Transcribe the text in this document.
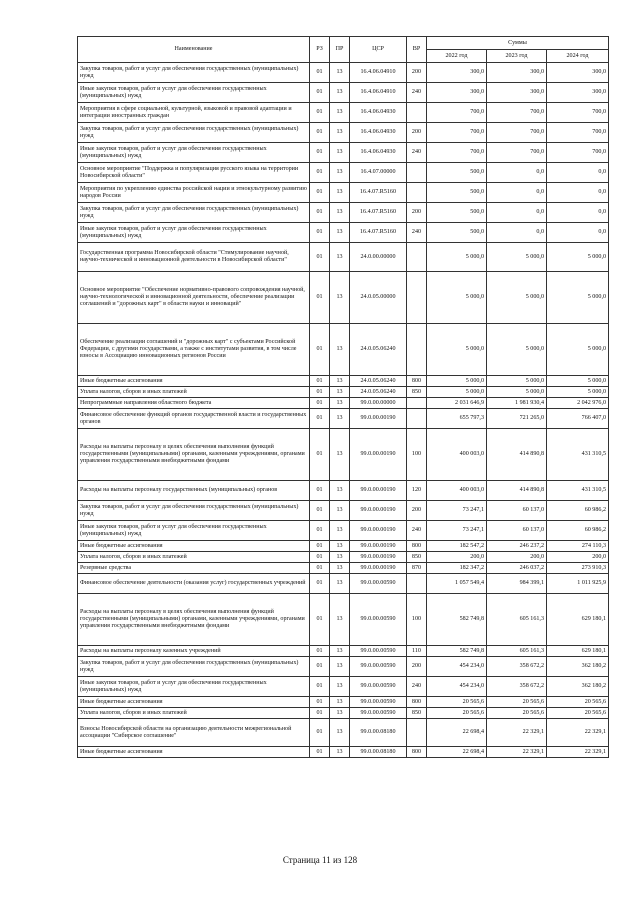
Наименование	РЗ	ПР	ЦСР	ВР	Суммы		
					2022 год	2023 год	2024 год
Закупка товаров, работ и услуг для обеспечения государственных (муниципальных) нужд	01	13	16.4.06.04910	200	300,0	300,0	300,0
Иные закупки товаров, работ и услуг для обеспечения государственных (муниципальных) нужд	01	13	16.4.06.04910	240	300,0	300,0	300,0
Мероприятия в сфере социальной, культурной, языковой и правовой адаптации и интеграции иностранных граждан	01	13	16.4.06.04930		700,0	700,0	700,0
Закупка товаров, работ и услуг для обеспечения государственных (муниципальных) нужд	01	13	16.4.06.04930	200	700,0	700,0	700,0
Иные закупки товаров, работ и услуг для обеспечения государственных (муниципальных) нужд	01	13	16.4.06.04930	240	700,0	700,0	700,0
Основное мероприятие "Поддержка и популяризация русского языка на территории Новосибирской области"	01	13	16.4.07.00000		500,0	0,0	0,0
Мероприятия по укреплению единства российской нации и этнокультурному развитию народов России	01	13	16.4.07.R5160		500,0	0,0	0,0
Закупка товаров, работ и услуг для обеспечения государственных (муниципальных) нужд	01	13	16.4.07.R5160	200	500,0	0,0	0,0
Иные закупки товаров, работ и услуг для обеспечения государственных (муниципальных) нужд	01	13	16.4.07.R5160	240	500,0	0,0	0,0
Государственная программа Новосибирской области "Стимулирование научной, научно-технической и инновационной деятельности в Новосибирской области"	01	13	24.0.00.00000		5 000,0	5 000,0	5 000,0
Основное мероприятие "Обеспечение нормативно-правового сопровождения научной, научно-технологической и инновационной деятельности, обеспечение реализации соглашений и "дорожных карт" в области науки и инноваций"	01	13	24.0.05.00000		5 000,0	5 000,0	5 000,0
Обеспечение реализации соглашений и "дорожных карт" с субъектами Российской Федерации, с другими государствами, а также с институтами развития, в том числе взносы в Ассоциацию инновационных регионов России	01	13	24.0.05.06240		5 000,0	5 000,0	5 000,0
Иные бюджетные ассигнования	01	13	24.0.05.06240	800	5 000,0	5 000,0	5 000,0
Уплата налогов, сборов и иных платежей	01	13	24.0.05.06240	850	5 000,0	5 000,0	5 000,0
Непрограммные направления областного бюджета	01	13	99.0.00.00000		2 031 646,9	1 981 930,4	2 042 976,0
Финансовое обеспечение функций органов государственной власти и государственных органов	01	13	99.0.00.00190		655 797,3	721 265,0	766 407,0
Расходы на выплаты персоналу в целях обеспечения выполнения функций государственными (муниципальными) органами, казенными учреждениями, органами управления государственными внебюджетными фондами	01	13	99.0.00.00190	100	400 003,0	414 890,8	431 310,5
Расходы на выплаты персоналу государственных (муниципальных) органов	01	13	99.0.00.00190	120	400 003,0	414 890,8	431 310,5
Закупка товаров, работ и услуг для обеспечения государственных (муниципальных) нужд	01	13	99.0.00.00190	200	73 247,1	60 137,0	60 986,2
Иные закупки товаров, работ и услуг для обеспечения государственных (муниципальных) нужд	01	13	99.0.00.00190	240	73 247,1	60 137,0	60 986,2
Иные бюджетные ассигнования	01	13	99.0.00.00190	800	182 547,2	246 237,2	274 110,3
Уплата налогов, сборов и иных платежей	01	13	99.0.00.00190	850	200,0	200,0	200,0
Резервные средства	01	13	99.0.00.00190	870	182 347,2	246 037,2	273 910,3
Финансовое обеспечение деятельности (оказания услуг) государственных учреждений	01	13	99.0.00.00590		1 057 549,4	984 399,1	1 011 925,9
Расходы на выплаты персоналу в целях обеспечения выполнения функций государственными (муниципальными) органами, казенными учреждениями, органами управления государственными внебюджетными фондами	01	13	99.0.00.00590	100	582 749,8	605 161,3	629 180,1
Расходы на выплаты персоналу казенных учреждений	01	13	99.0.00.00590	110	582 749,8	605 161,3	629 180,1
Закупка товаров, работ и услуг для обеспечения государственных (муниципальных) нужд	01	13	99.0.00.00590	200	454 234,0	358 672,2	362 180,2
Иные закупки товаров, работ и услуг для обеспечения государственных (муниципальных) нужд	01	13	99.0.00.00590	240	454 234,0	358 672,2	362 180,2
Иные бюджетные ассигнования	01	13	99.0.00.00590	800	20 565,6	20 565,6	20 565,6
Уплата налогов, сборов и иных платежей	01	13	99.0.00.00590	850	20 565,6	20 565,6	20 565,6
Взносы Новосибирской области на организацию деятельности межрегиональной ассоциации "Сибирское соглашение"	01	13	99.0.00.08180		22 698,4	22 329,1	22 329,1
Иные бюджетные ассигнования	01	13	99.0.00.08180	800	22 698,4	22 329,1	22 329,1
Страница 11 из 128
